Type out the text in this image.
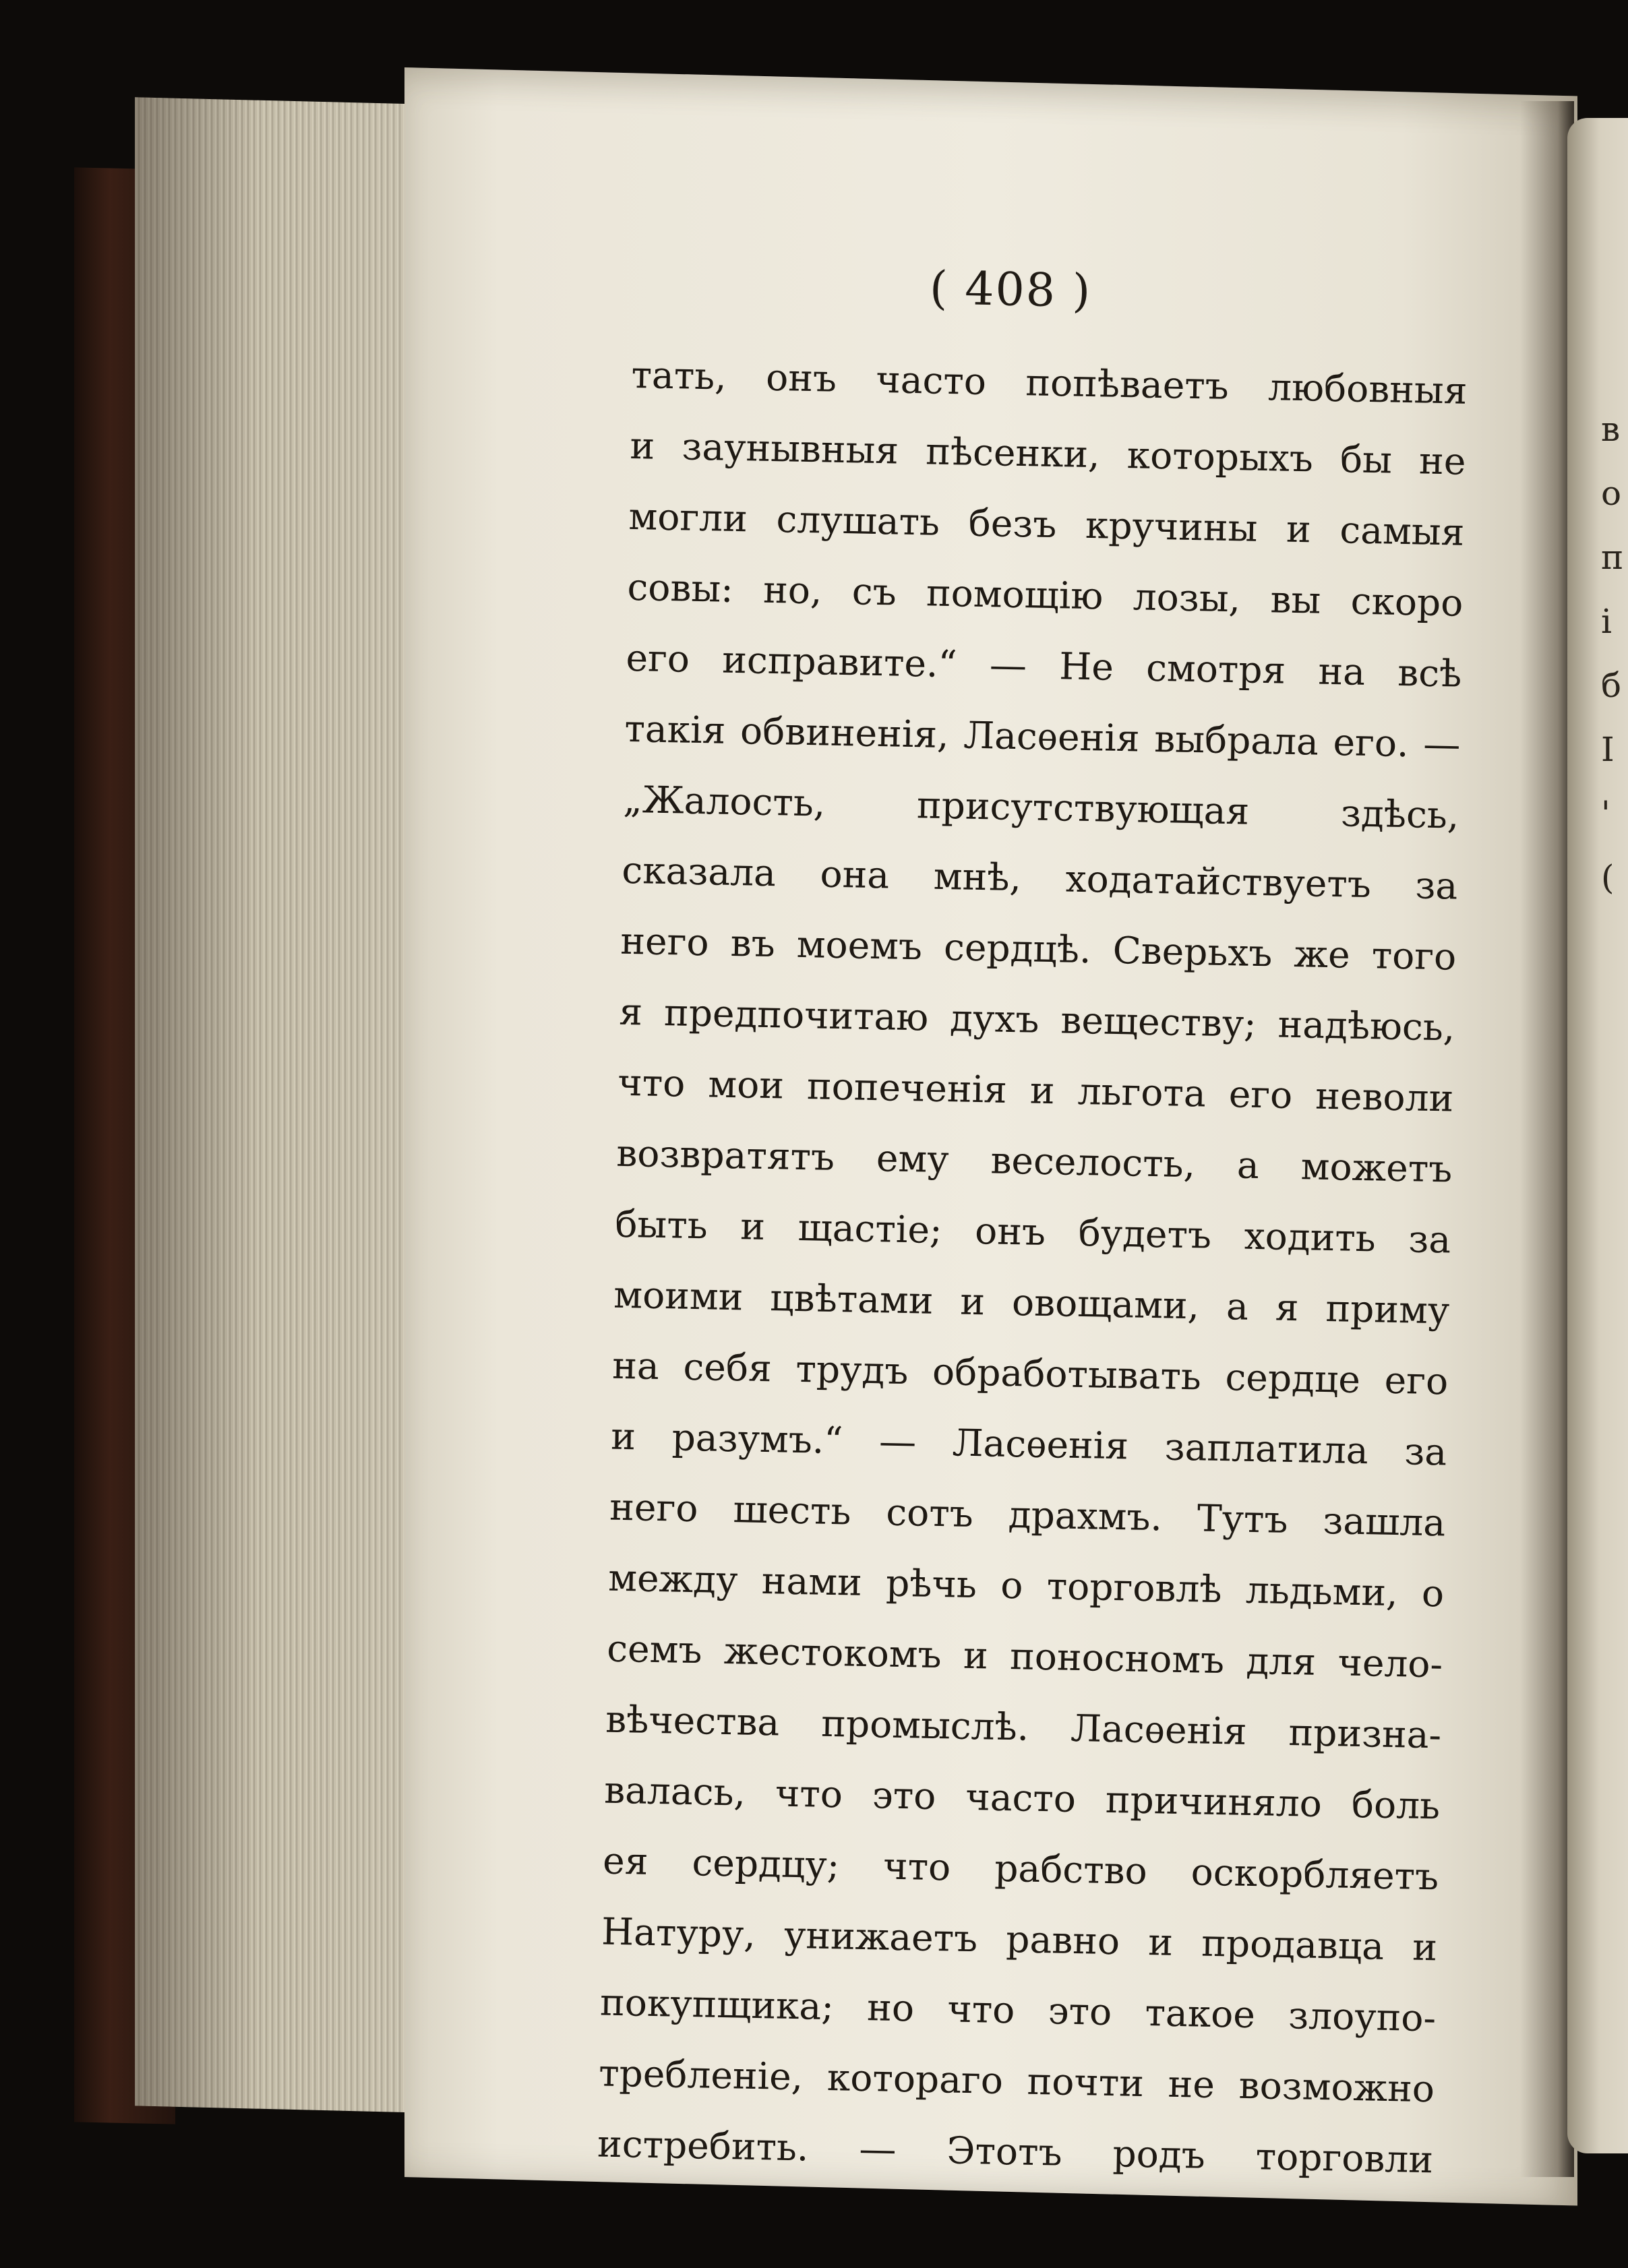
в
о
п
і
б
I
'
(
( 408 )
тать, онъ часто попѣваетъ любовныя
и заунывныя пѣсенки, которыхъ бы не
могли слушать безъ кручины и самыя
совы: но, съ помощію лозы, вы скоро
его исправите.“ — Не смотря на всѣ
такія обвиненія, Ласѳенія выбрала его. —
„Жалость, присутствующая здѣсь,
сказала она мнѣ, ходатайствуетъ за
него въ моемъ сердцѣ. Сверьхъ же того
я предпочитаю духъ веществу; надѣюсь,
что мои попеченія и льгота его неволи
возвратятъ ему веселость, а можетъ
быть и щастіе; онъ будетъ ходить за
моими цвѣтами и овощами, а я приму
на себя трудъ обработывать сердце его
и разумъ.“ — Ласѳенія заплатила за
него шесть сотъ драхмъ. Тутъ зашла
между нами рѣчь о торговлѣ льдьми, о
семъ жестокомъ и поносномъ для чело-
вѣчества промыслѣ. Ласѳенія призна-
валась, что это часто причиняло боль
ея сердцу; что рабство оскорбляетъ
Натуру, унижаетъ равно и продавца и
покупщика; но что это такое злоупо-
требленіе, котораго почти не возможно
истребить. — Этотъ родъ торговли
